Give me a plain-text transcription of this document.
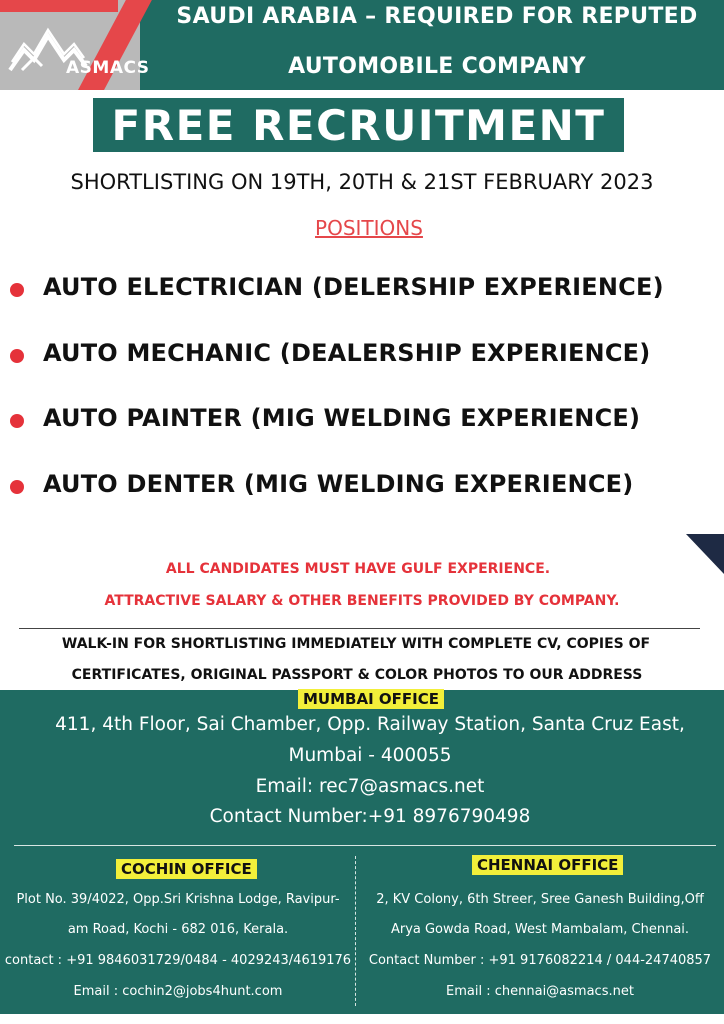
ASMACS
SAUDI ARABIA – REQUIRED FOR REPUTED
AUTOMOBILE COMPANY
FREE RECRUITMENT
SHORTLISTING ON 19TH, 20TH & 21ST FEBRUARY 2023
POSITIONS
AUTO ELECTRICIAN (DELERSHIP EXPERIENCE)
AUTO MECHANIC (DEALERSHIP EXPERIENCE)
AUTO PAINTER (MIG WELDING EXPERIENCE)
AUTO DENTER (MIG WELDING EXPERIENCE)
ALL CANDIDATES MUST HAVE GULF EXPERIENCE.
ATTRACTIVE SALARY & OTHER BENEFITS PROVIDED BY COMPANY.
WALK-IN FOR SHORTLISTING IMMEDIATELY WITH COMPLETE CV, COPIES OF
CERTIFICATES, ORIGINAL PASSPORT & COLOR PHOTOS TO OUR ADDRESS
MUMBAI OFFICE
411, 4th Floor, Sai Chamber, Opp. Railway Station, Santa Cruz East,
Mumbai - 400055
Email: rec7@asmacs.net
Contact Number:+91 8976790498
COCHIN OFFICE
Plot No. 39/4022, Opp.Sri Krishna Lodge, Ravipur-
am Road, Kochi - 682 016, Kerala.
contact : +91 9846031729/0484 - 4029243/4619176
Email : cochin2@jobs4hunt.com
CHENNAI OFFICE
2, KV Colony, 6th Streer, Sree Ganesh Building,Off
Arya Gowda Road, West Mambalam, Chennai.
Contact Number : +91 9176082214 / 044-24740857
Email : chennai@asmacs.net
